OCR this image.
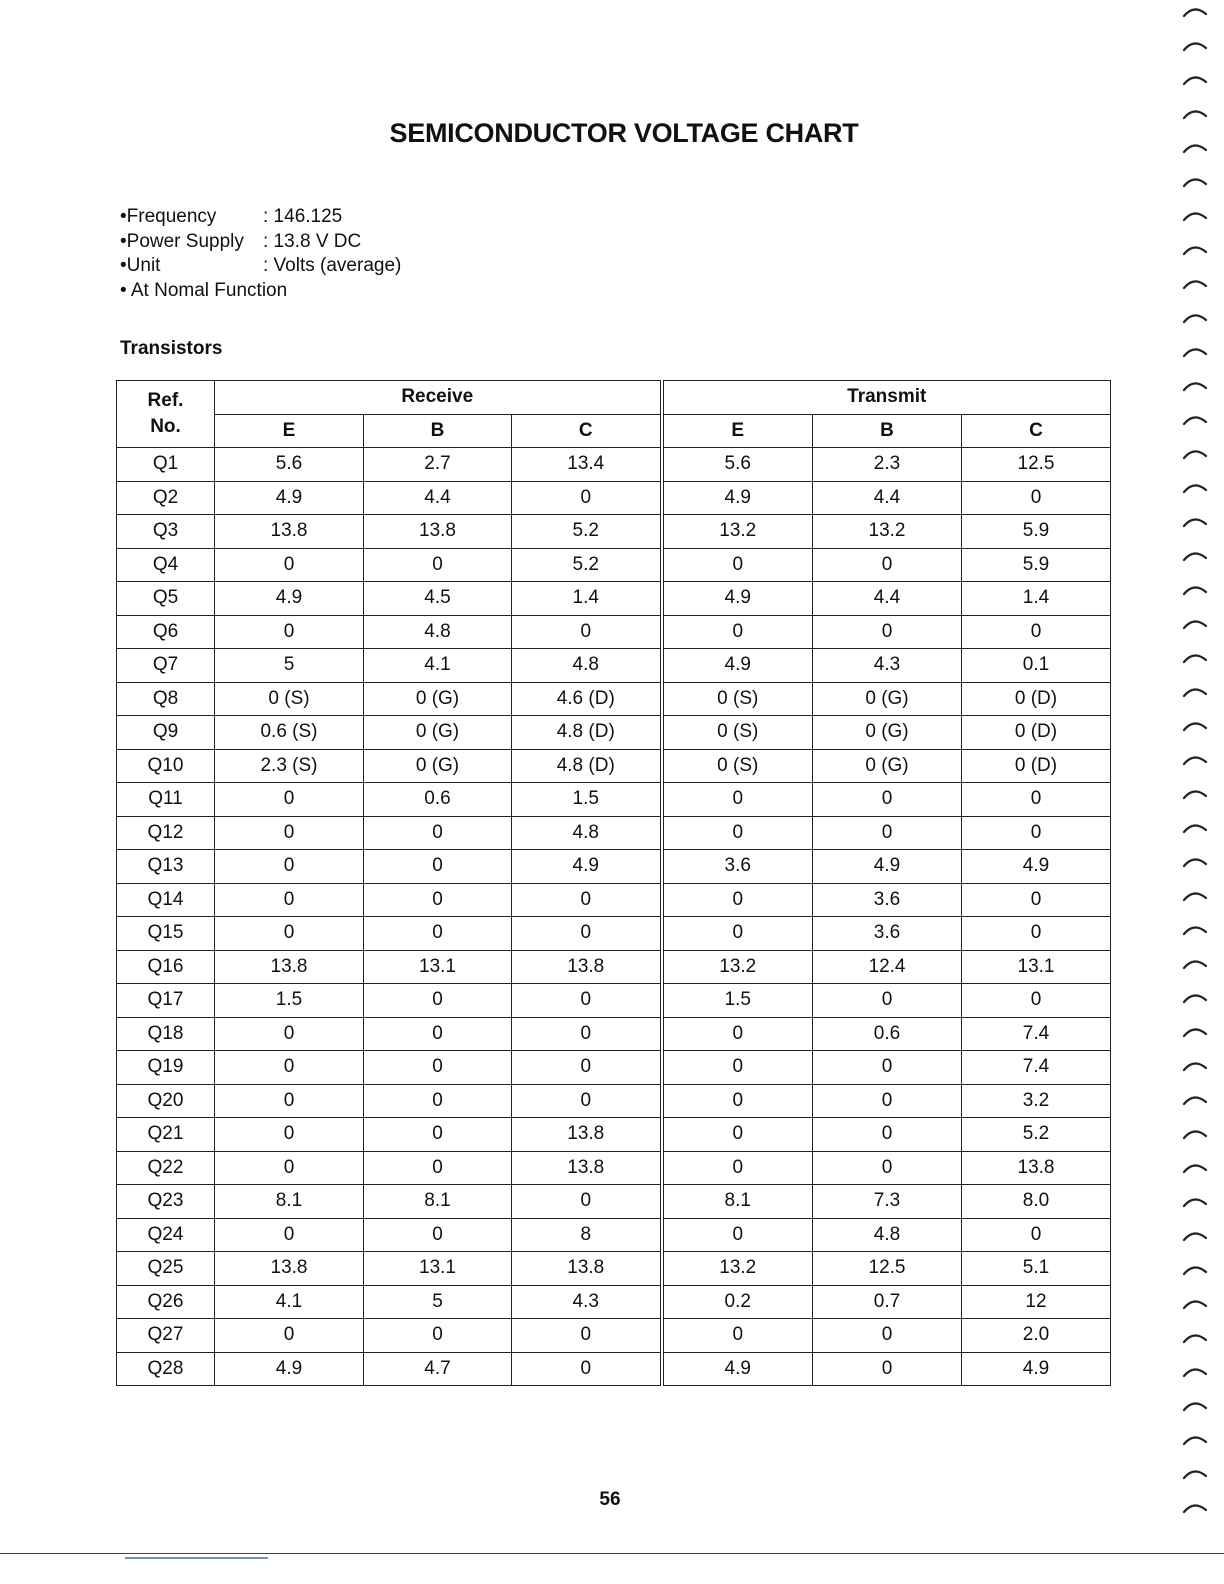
SEMICONDUCTOR VOLTAGE CHART
•Frequency	: 146.125
•Power Supply	: 13.8 V DC
•Unit	: Volts (average)
• At Nomal Function
Transistors
Ref.
No.	Receive			Transmit		
	E	B	C	E	B	C
Q1	5.6	2.7	13.4	5.6	2.3	12.5
Q2	4.9	4.4	0	4.9	4.4	0
Q3	13.8	13.8	5.2	13.2	13.2	5.9
Q4	0	0	5.2	0	0	5.9
Q5	4.9	4.5	1.4	4.9	4.4	1.4
Q6	0	4.8	0	0	0	0
Q7	5	4.1	4.8	4.9	4.3	0.1
Q8	0 (S)	0 (G)	4.6 (D)	0 (S)	0 (G)	0 (D)
Q9	0.6 (S)	0 (G)	4.8 (D)	0 (S)	0 (G)	0 (D)
Q10	2.3 (S)	0 (G)	4.8 (D)	0 (S)	0 (G)	0 (D)
Q11	0	0.6	1.5	0	0	0
Q12	0	0	4.8	0	0	0
Q13	0	0	4.9	3.6	4.9	4.9
Q14	0	0	0	0	3.6	0
Q15	0	0	0	0	3.6	0
Q16	13.8	13.1	13.8	13.2	12.4	13.1
Q17	1.5	0	0	1.5	0	0
Q18	0	0	0	0	0.6	7.4
Q19	0	0	0	0	0	7.4
Q20	0	0	0	0	0	3.2
Q21	0	0	13.8	0	0	5.2
Q22	0	0	13.8	0	0	13.8
Q23	8.1	8.1	0	8.1	7.3	8.0
Q24	0	0	8	0	4.8	0
Q25	13.8	13.1	13.8	13.2	12.5	5.1
Q26	4.1	5	4.3	0.2	0.7	12
Q27	0	0	0	0	0	2.0
Q28	4.9	4.7	0	4.9	0	4.9
56
